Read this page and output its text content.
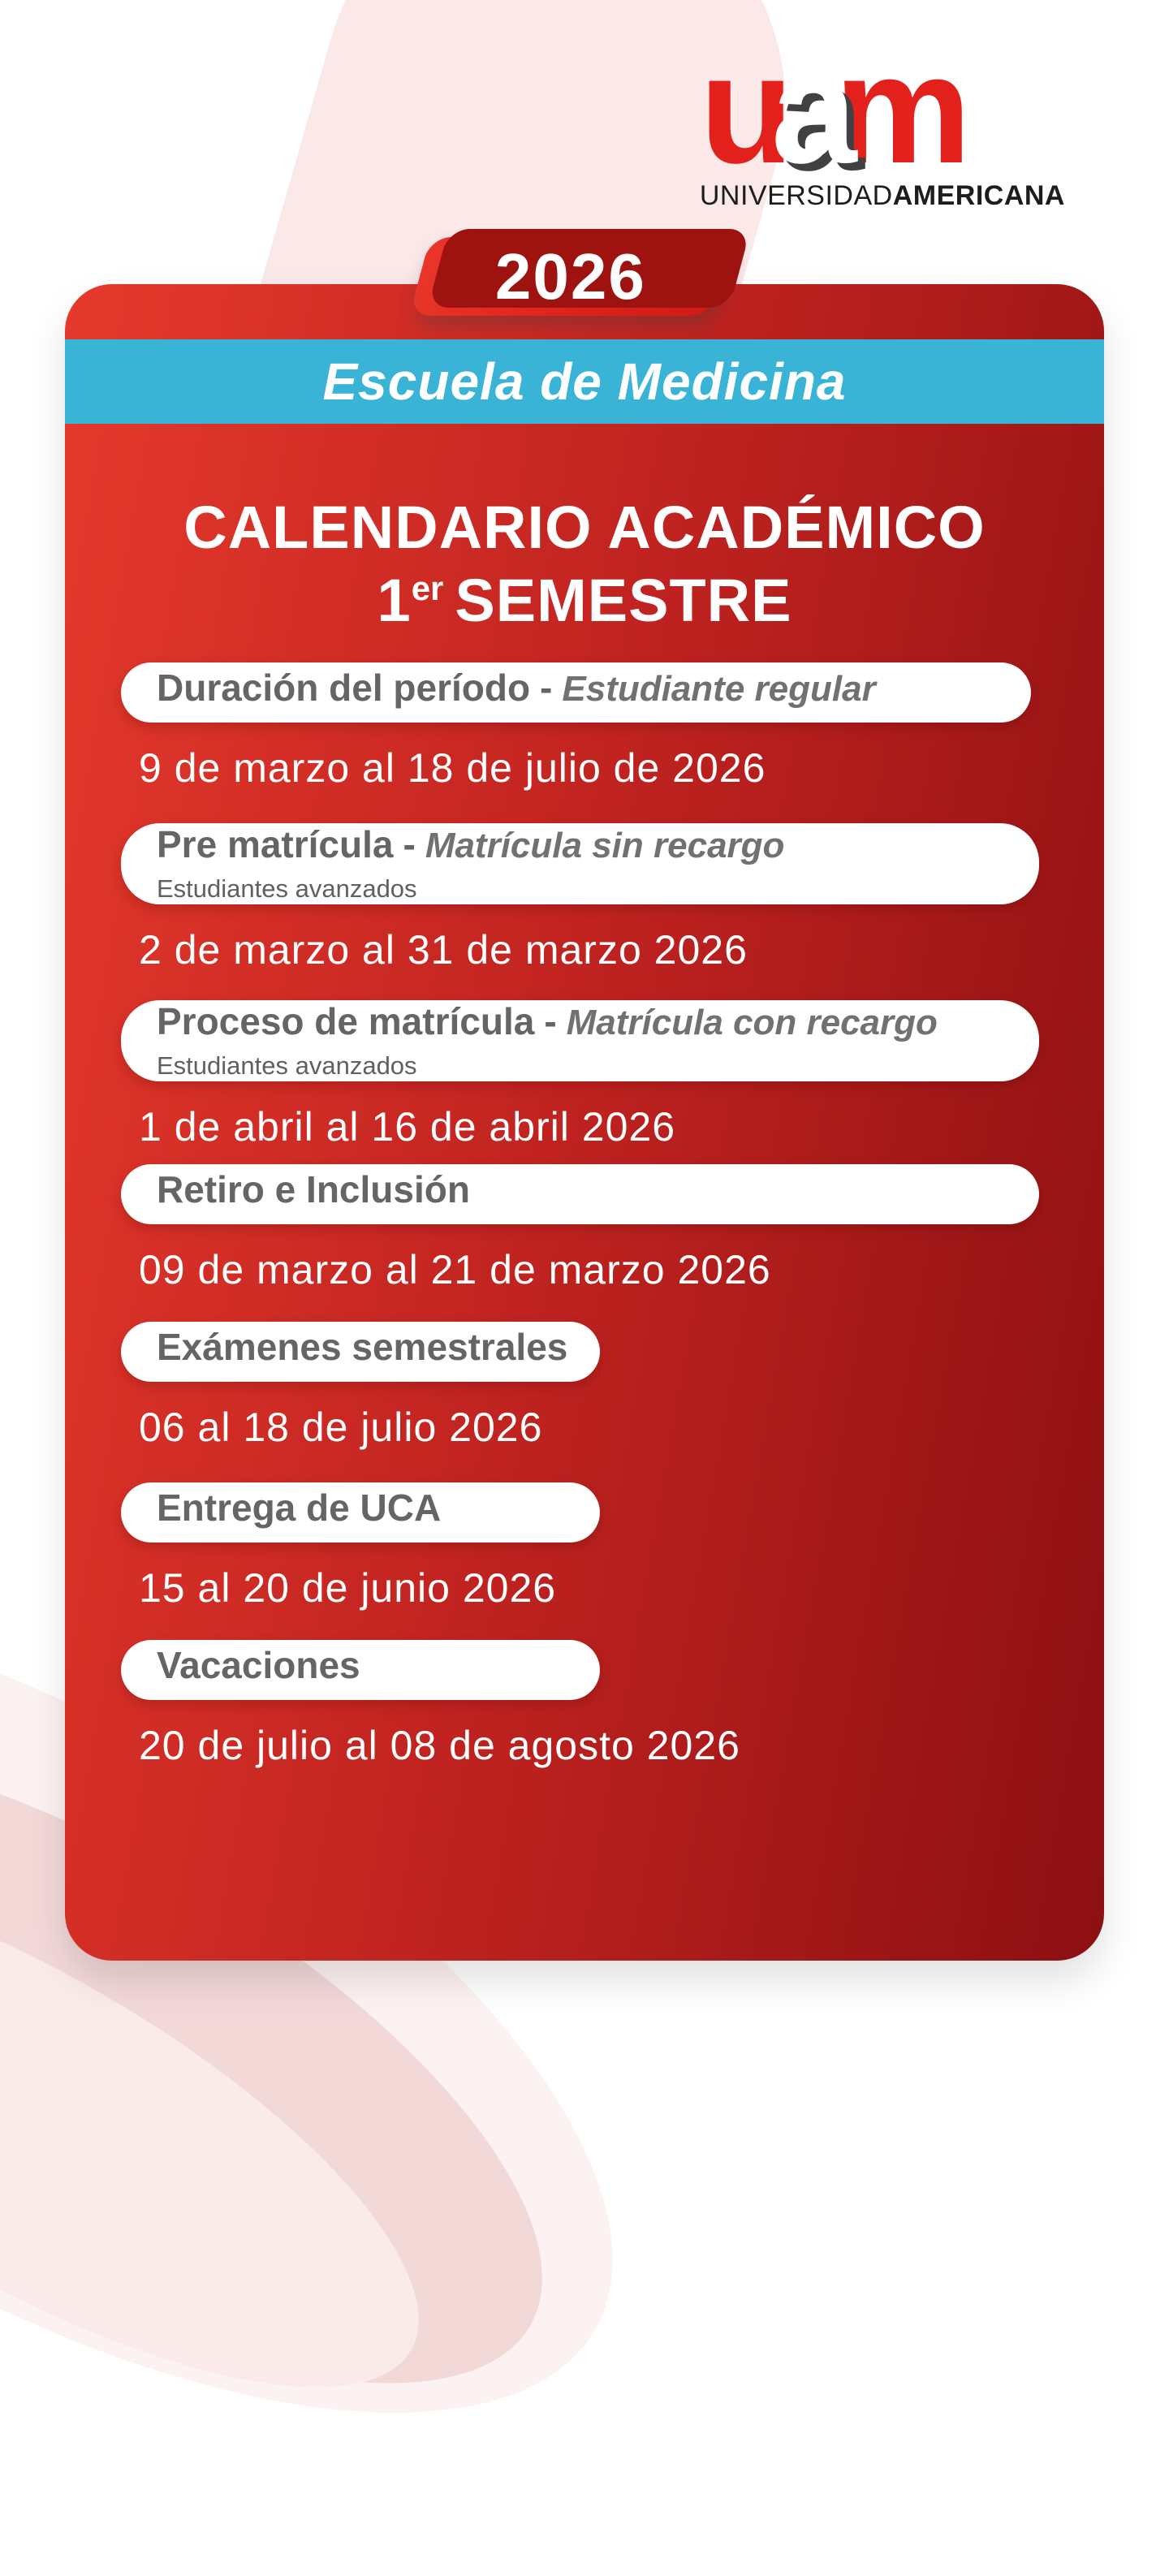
u
a
m
UNIVERSIDAD AMERICANA
2026
Escuela de Medicina
CALENDARIO ACADÉMICO
1er SEMESTRE
Duración del período - Estudiante regular
9 de marzo al 18 de julio de 2026
Pre matrícula - Matrícula sin recargo
Estudiantes avanzados
2 de marzo al 31 de marzo 2026
Proceso de matrícula - Matrícula con recargo
Estudiantes avanzados
1 de abril al 16 de abril 2026
Retiro e Inclusión
09 de marzo al 21 de marzo 2026
Exámenes semestrales
06 al 18 de julio 2026
Entrega de UCA
15 al 20 de junio 2026
Vacaciones
20 de julio al 08 de agosto 2026
